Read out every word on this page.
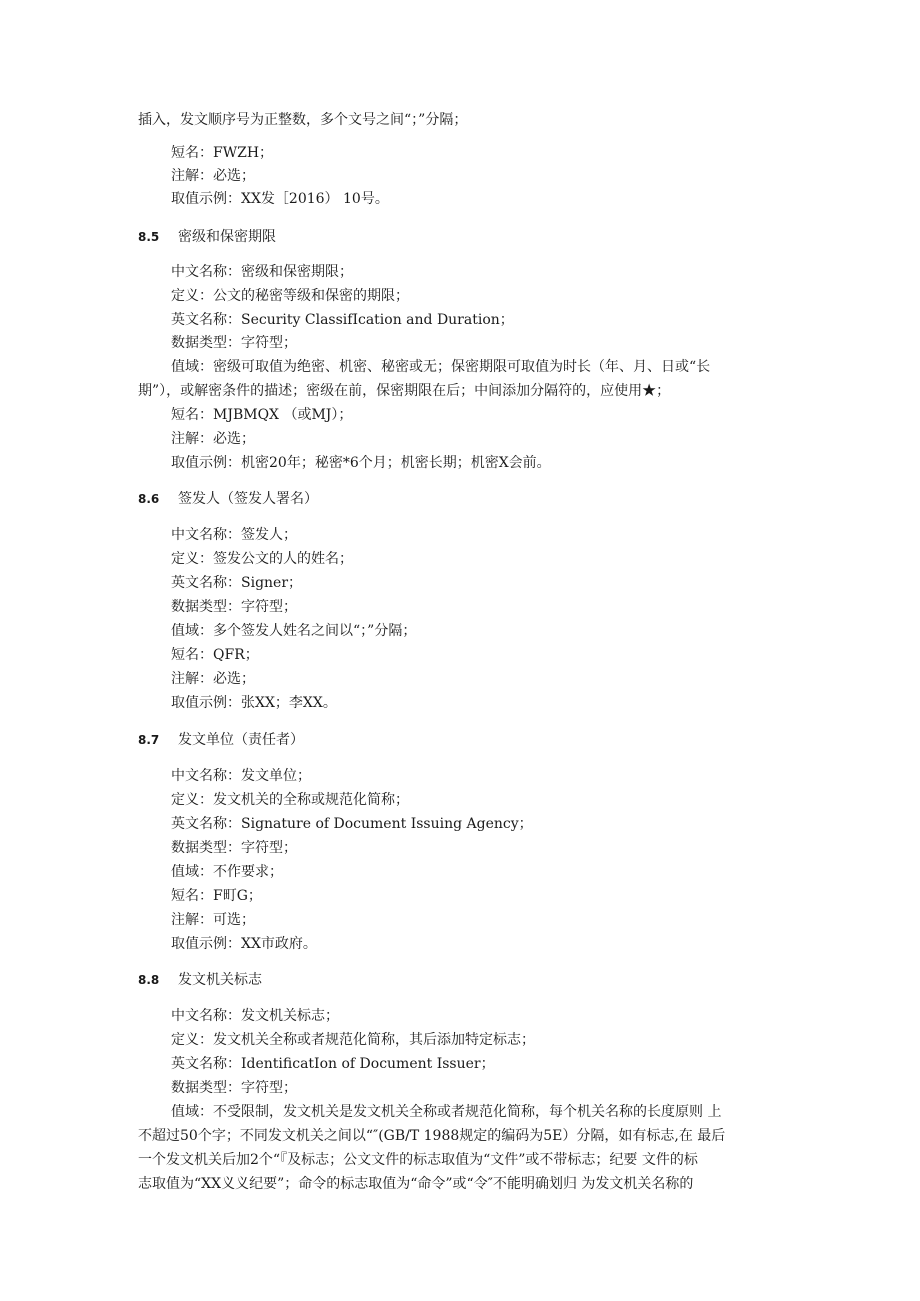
插入，发文顺序号为正整数，多个文号之间“；”分隔；
短名：FWZH；
注解：必选；
取值示例：XX发［2016） 10号。
8.5 密级和保密期限
中文名称：密级和保密期限；
定义：公文的秘密等级和保密的期限；
英文名称：Security ClassifIcation and Duration；
数据类型：字符型；
值域：密级可取值为绝密、机密、秘密或无；保密期限可取值为时长（年、月、日或“长
期”），或解密条件的描述；密级在前，保密期限在后；中间添加分隔符的，应使用★；
短名：MJBMQX （或MJ）；
注解：必选；
取值示例：机密20年；秘密*6个月；机密长期；机密X会前。
8.6 签发人（签发人署名）
中文名称：签发人；
定义：签发公文的人的姓名；
英文名称：Signer；
数据类型：字符型；
值域：多个签发人姓名之间以“；”分隔；
短名：QFR；
注解：必选；
取值示例：张XX；李XX。
8.7 发文单位（责任者）
中文名称：发文单位；
定义：发文机关的全称或规范化简称；
英文名称：Signature of Document Issuing Agency；
数据类型：字符型；
值域：不作要求；
短名：F町G；
注解：可选；
取值示例：XX市政府。
8.8 发文机关标志
中文名称：发文机关标志；
定义：发文机关全称或者规范化简称，其后添加特定标志；
英文名称：IdentificatIon of Document Issuer；
数据类型：字符型；
值域：不受限制，发文机关是发文机关全称或者规范化简称，每个机关名称的长度原则 上
不超过50个字；不同发文机关之间以“″(GB/T 1988规定的编码为5E）分隔，如有标志,在 最后
一个发文机关后加2个“『及标志；公文文件的标志取值为“文件”或不带标志；纪要 文件的标
志取值为“XX义义纪要”；命令的标志取值为“命令”或“令″不能明确划归 为发文机关名称的
